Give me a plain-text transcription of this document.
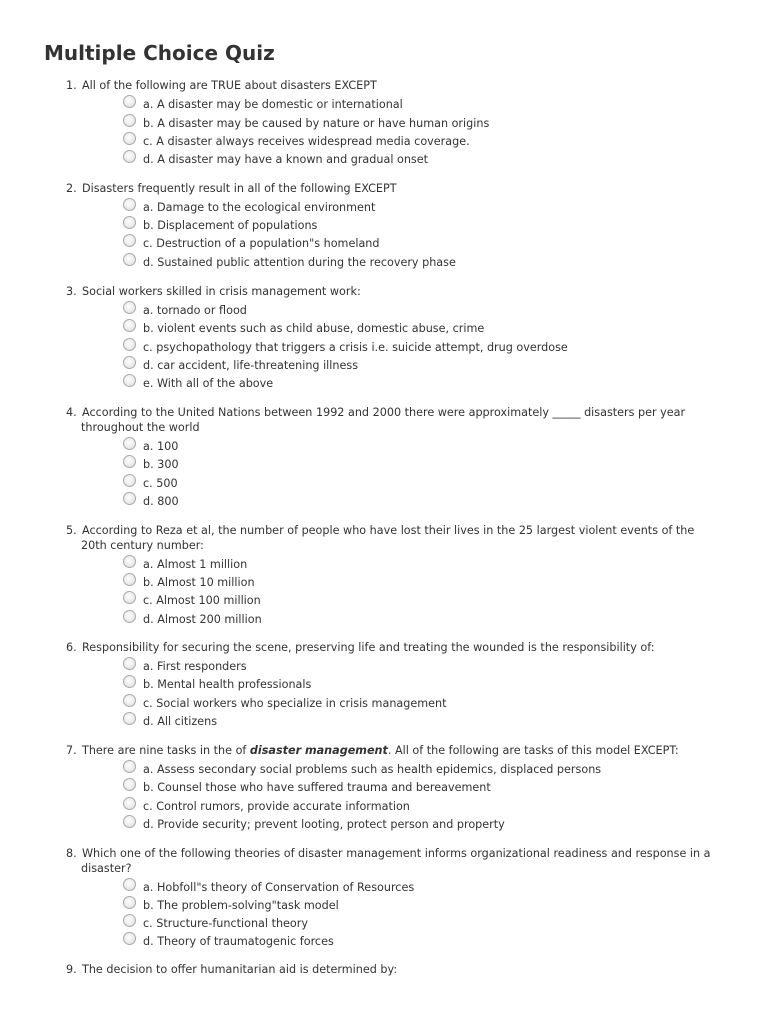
Multiple Choice Quiz
1. All of the following are TRUE about disasters EXCEPT
a. A disaster may be domestic or international
b. A disaster may be caused by nature or have human origins
c. A disaster always receives widespread media coverage.
d. A disaster may have a known and gradual onset
2. Disasters frequently result in all of the following EXCEPT
a. Damage to the ecological environment
b. Displacement of populations
c. Destruction of a population"s homeland
d. Sustained public attention during the recovery phase
3. Social workers skilled in crisis management work:
a. tornado or flood
b. violent events such as child abuse, domestic abuse, crime
c. psychopathology that triggers a crisis i.e. suicide attempt, drug overdose
d. car accident, life-threatening illness
e. With all of the above
4. According to the United Nations between 1992 and 2000 there were approximately _____ disasters per year
throughout the world
a. 100
b. 300
c. 500
d. 800
5. According to Reza et al, the number of people who have lost their lives in the 25 largest violent events of the
20th century number:
a. Almost 1 million
b. Almost 10 million
c. Almost 100 million
d. Almost 200 million
6. Responsibility for securing the scene, preserving life and treating the wounded is the responsibility of:
a. First responders
b. Mental health professionals
c. Social workers who specialize in crisis management
d. All citizens
7. There are nine tasks in the of disaster management. All of the following are tasks of this model EXCEPT:
a. Assess secondary social problems such as health epidemics, displaced persons
b. Counsel those who have suffered trauma and bereavement
c. Control rumors, provide accurate information
d. Provide security; prevent looting, protect person and property
8. Which one of the following theories of disaster management informs organizational readiness and response in a
disaster?
a. Hobfoll"s theory of Conservation of Resources
b. The problem-solving"task model
c. Structure-functional theory
d. Theory of traumatogenic forces
9. The decision to offer humanitarian aid is determined by:
